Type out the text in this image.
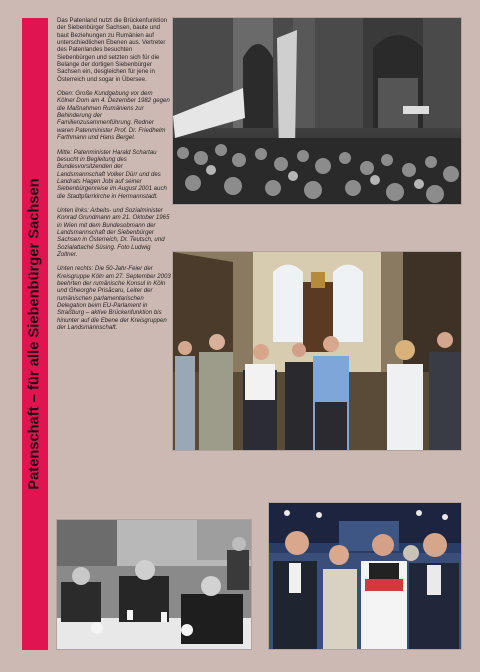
Patenschaft – für alle Siebenbürger Sachsen

Das Patenland nutzt die Brückenfunktion der Siebenbürger Sachsen, baute und baut Beziehungen zu Rumänien auf unterschiedlichen Ebenen aus. Vertreter des Patenlandes besuchten Siebenbürgen und setzten sich für die Belange der dortigen Siebenbürger Sachsen ein, desgleichen für jene in Österreich und sogar in Übersee.

Oben: Große Kundgebung vor dem Kölner Dom am 4. Dezember 1982 gegen die Maßnahmen Rumäniens zur Behinderung der Familienzusammenführung. Redner waren Patenminister Prof. Dr. Friedhelm Farthmann und Hans Bergel.

Mitte: Patenminister Harald Schartau besucht in Begleitung des Bundesvorsitzenden der Landsmannschaft Volker Dürr und des Landrats Hagen Jobi auf seiner Siebenbürgenreise im August 2001 auch die Stadtpfarrkirche in Hermannstadt.

Unten links: Arbeits- und Sozialminister Konrad Grundmann am 21. Oktober 1965 in Wien mit dem Bundesobmann der Landsmannschaft der Siebenbürger Sachsen in Österreich, Dr. Teutsch, und Sozialattaché Süsing. Foto Ludwig Zoltner.

Unten rechts: Die 50-Jahr-Feier der Kreisgruppe Köln am 27. September 2003 beehrten der rumänische Konsul in Köln und Gheorghe Prisăcaru, Leiter der rumänischen parlamentarischen Delegation beim EU-Parlament in Straßburg – aktive Brückenfunktion bis hinunter auf die Ebene der Kreisgruppen der Landsmannschaft.
